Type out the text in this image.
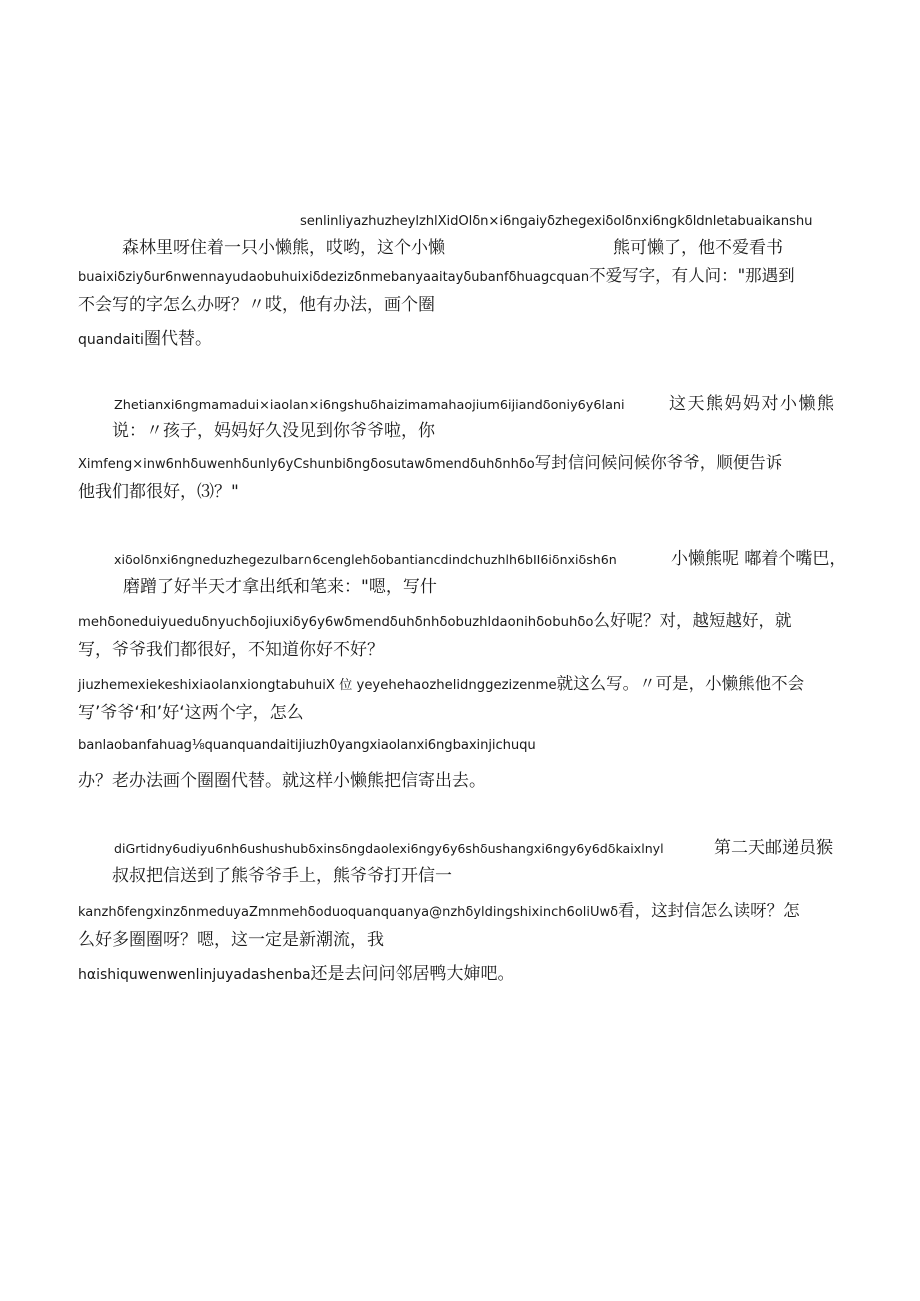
senlinliyazhuzheylzhlXidOlδn×i6ngaiyδzhegexiδolδnxi6ngkδldnletabuaikanshu
森林里呀住着一只小懒熊，哎哟，这个小懒	熊可懒了，他不爱看书
buaixiδziyδur6nwennayudaobuhuixiδdezizδnmebanyaaitayδubanfδhuagcquan不爱写字，有人问："那遇到
不会写的字怎么办呀？〃哎，他有办法，画个圈
quandaiti圈代替。
Zhetianxi6ngmamadui×iaolan×i6ngshuδhaizimamahaojium6ijiandδoniy6y6lani	这天熊妈妈对小懒熊
说：〃孩子，妈妈好久没见到你爷爷啦，你
Ximfeng×inw6nhδuwenhδunly6yCshunbiδngδosutawδmendδuhδnhδo写封信问候问候你爷爷，顺便告诉
他我们都很好，⑶？"
xiδolδnxi6ngneduzhegezulbar∩6cenglehδobantiancdindchuzhlh6bII6iδnxiδsh6n	小懒熊呢 嘟着个嘴巴，
磨蹭了好半天才拿出纸和笔来："嗯，写什
mehδoneduiyueduδnyuchδojiuxiδy6y6wδmendδuhδnhδobuzhldaonihδobuhδo么好呢？对，越短越好，就
写，爷爷我们都很好，不知道你好不好？
jiuzhemexiekeshixiaolanxiongtabuhuiX 位 yeyehehaozhelidnggezizenme就这么写。〃可是，小懒熊他不会
写’爷爷‘和’好‘这两个字，怎么
banlaobanfahuag⅛quanquandaitijiuzh0yangxiaolanxi6ngbaxinjichuqu
办？老办法画个圈圈代替。就这样小懒熊把信寄出去。
diGrtidny6udiyu6nh6ushushubδxinsδngdaolexi6ngy6y6shδushangxi6ngy6y6dδkaixlnyl	第二天邮递员猴
叔叔把信送到了熊爷爷手上，熊爷爷打开信一
kanzhδfengxinzδnmeduyaZmnmehδoduoquanquanya@nzhδyldingshixinch6oliUwδ看，这封信怎么读呀？怎
么好多圈圈呀？嗯，这一定是新潮流，我
hαishiquwenwenlinjuyadashenba还是去问问邻居鸭大婶吧。
